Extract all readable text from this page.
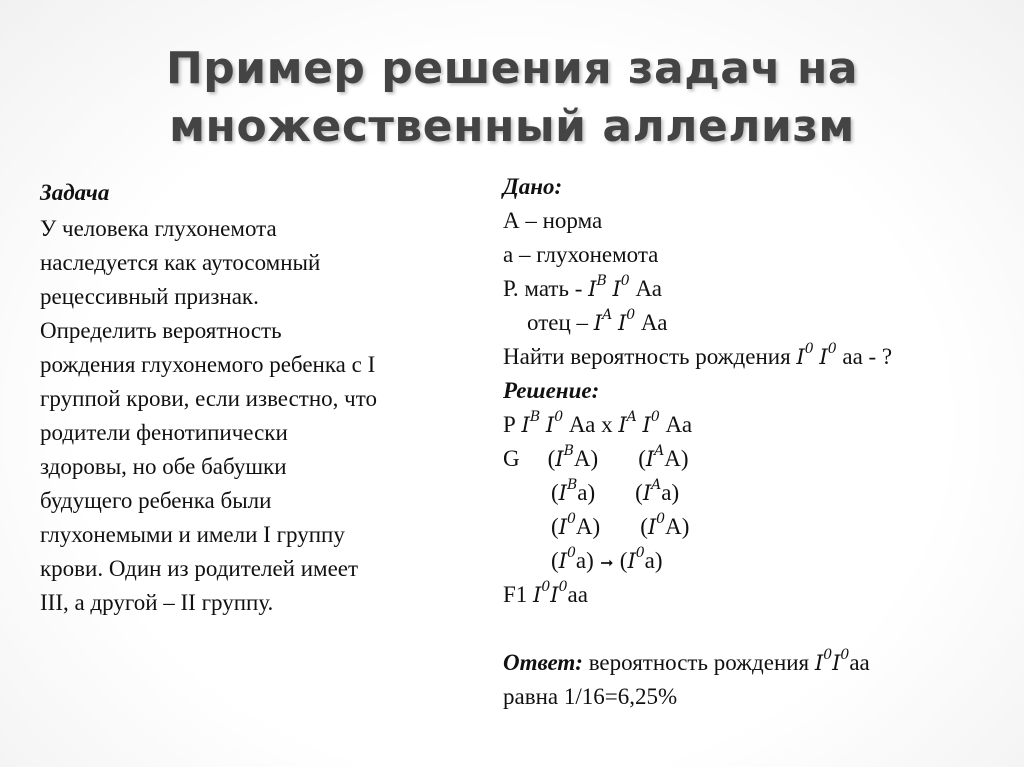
Пример решения задач на
множественный аллелизм
Задача
У человека глухонемота
наследуется как аутосомный
рецессивный признак.
Определить вероятность
рождения глухонемого ребенка с I
группой крови, если известно, что
родители фенотипически
здоровы, но обе бабушки
будущего ребенка были
глухонемыми и имели I группу
крови. Один из родителей имеет
III, а другой – II группу.
Дано:
А – норма
а – глухонемота
Р. мать - $I^B$ $I^0$ Аа
отец – $I^A$ $I^0$ Аа
Найти вероятность рождения $I^0$ $I^0$ аа - ?
Решение:
Р $I^B$ $I^0$ Аа х $I^A$ $I^0$ Аа
G $(I^BА)$ $(I^AА)$
$(I^Bа)$ $(I^Aа)$
$(I^0А)$ $(I^0А)$
$(I^0а)$ ➞ $(I^0а)$
F1 $I^0I^0аа$
Ответ: вероятность рождения $I^0I^0аа$
равна 1/16=6,25%
